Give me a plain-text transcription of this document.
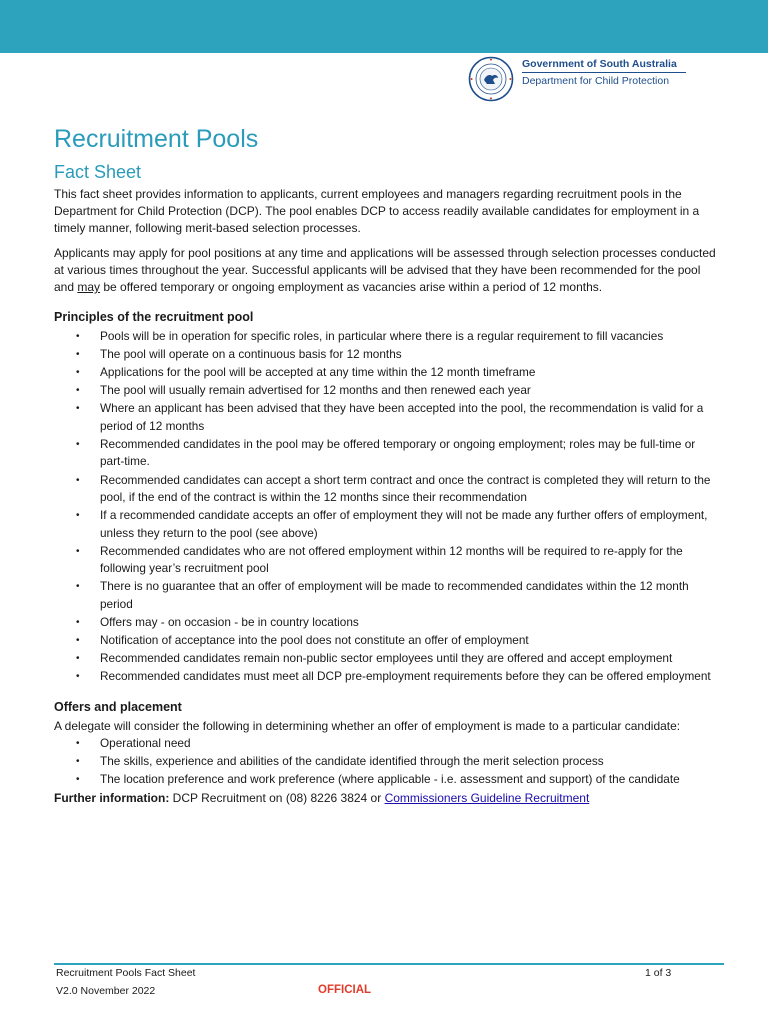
Government of South Australia
Department for Child Protection
Recruitment Pools
Fact Sheet

This fact sheet provides information to applicants, current employees and managers regarding recruitment pools in the Department for Child Protection (DCP). The pool enables DCP to access readily available candidates for employment in a timely manner, following merit-based selection processes.

Applicants may apply for pool positions at any time and applications will be assessed through selection processes conducted at various times throughout the year. Successful applicants will be advised that they have been recommended for the pool and may be offered temporary or ongoing employment as vacancies arise within a period of 12 months.

Principles of the recruitment pool
• Pools will be in operation for specific roles, in particular where there is a regular requirement to fill vacancies
• The pool will operate on a continuous basis for 12 months
• Applications for the pool will be accepted at any time within the 12 month timeframe
• The pool will usually remain advertised for 12 months and then renewed each year
• Where an applicant has been advised that they have been accepted into the pool, the recommendation is valid for a period of 12 months
• Recommended candidates in the pool may be offered temporary or ongoing employment; roles may be full-time or part-time.
• Recommended candidates can accept a short term contract and once the contract is completed they will return to the pool, if the end of the contract is within the 12 months since their recommendation
• If a recommended candidate accepts an offer of employment they will not be made any further offers of employment, unless they return to the pool (see above)
• Recommended candidates who are not offered employment within 12 months will be required to re-apply for the following year’s recruitment pool
• There is no guarantee that an offer of employment will be made to recommended candidates within the 12 month period
• Offers may - on occasion - be in country locations
• Notification of acceptance into the pool does not constitute an offer of employment
• Recommended candidates remain non-public sector employees until they are offered and accept employment
• Recommended candidates must meet all DCP pre-employment requirements before they can be offered employment
Offers and placement

A delegate will consider the following in determining whether an offer of employment is made to a particular candidate:

• Operational need
• The skills, experience and abilities of the candidate identified through the merit selection process
• The location preference and work preference (where applicable - i.e. assessment and support) of the candidate

Further information: DCP Recruitment on (08) 8226 3824 or Commissioners Guideline Recruitment

Recruitment Pools Fact Sheet	1 of 3
V2.0 November 2022	OFFICIAL
